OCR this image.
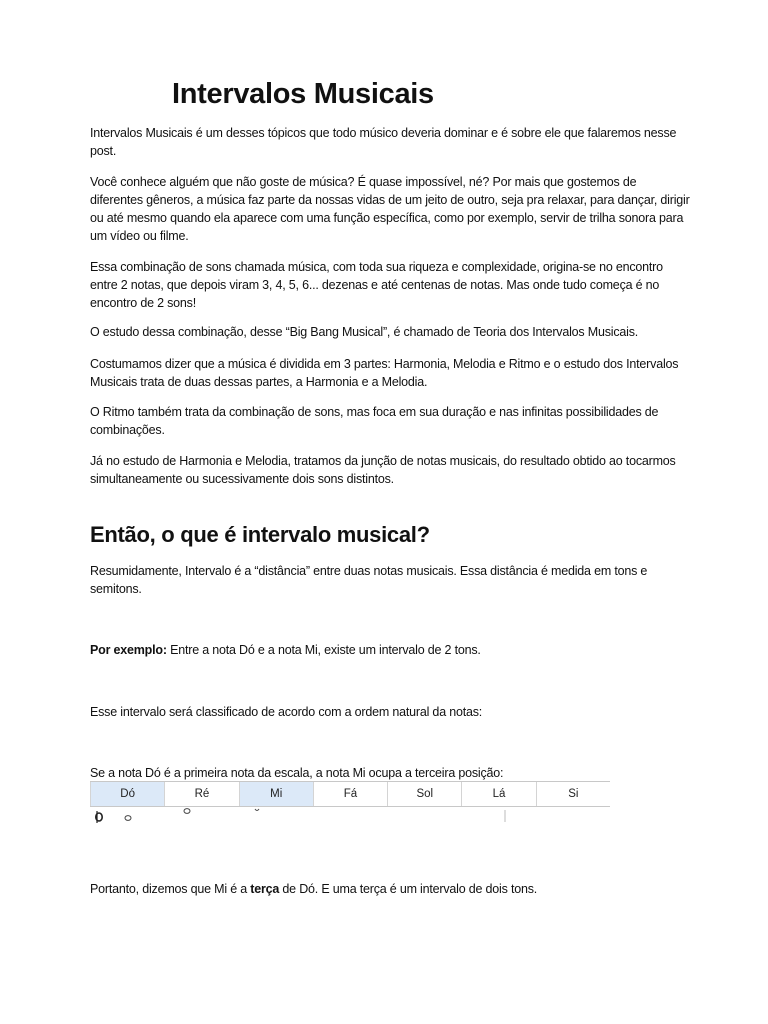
Intervalos Musicais

Intervalos Musicais é um desses tópicos que todo músico deveria dominar e é sobre ele que falaremos nesse post.

Você conhece alguém que não goste de música? É quase impossível, né? Por mais que gostemos de diferentes gêneros, a música faz parte da nossas vidas de um jeito de outro, seja pra relaxar, para dançar, dirigir ou até mesmo quando ela aparece com uma função específica, como por exemplo, servir de trilha sonora para um vídeo ou filme.

Essa combinação de sons chamada música, com toda sua riqueza e complexidade, origina-se no encontro entre 2 notas, que depois viram 3, 4, 5, 6... dezenas e até centenas de notas. Mas onde tudo começa é no encontro de 2 sons!

O estudo dessa combinação, desse “Big Bang Musical”, é chamado de Teoria dos Intervalos Musicais.

Costumamos dizer que a música é dividida em 3 partes: Harmonia, Melodia e Ritmo e o estudo dos Intervalos Musicais trata de duas dessas partes, a Harmonia e a Melodia.

O Ritmo também trata da combinação de sons, mas foca em sua duração e nas infinitas possibilidades de combinações.

Já no estudo de Harmonia e Melodia, tratamos da junção de notas musicais, do resultado obtido ao tocarmos simultaneamente ou sucessivamente dois sons distintos.

Então, o que é intervalo musical?

Resumidamente, Intervalo é a “distância” entre duas notas musicais. Essa distância é medida em tons e semitons.

Por exemplo: Entre a nota Dó e a nota Mi, existe um intervalo de 2 tons.

Esse intervalo será classificado de acordo com a ordem natural da notas:

Se a nota Dó é a primeira nota da escala, a nota Mi ocupa a terceira posição:

Dó	Ré	Mi	Fá	Sol	Lá	Si

Portanto, dizemos que Mi é a terça de Dó. E uma terça é um intervalo de dois tons.
